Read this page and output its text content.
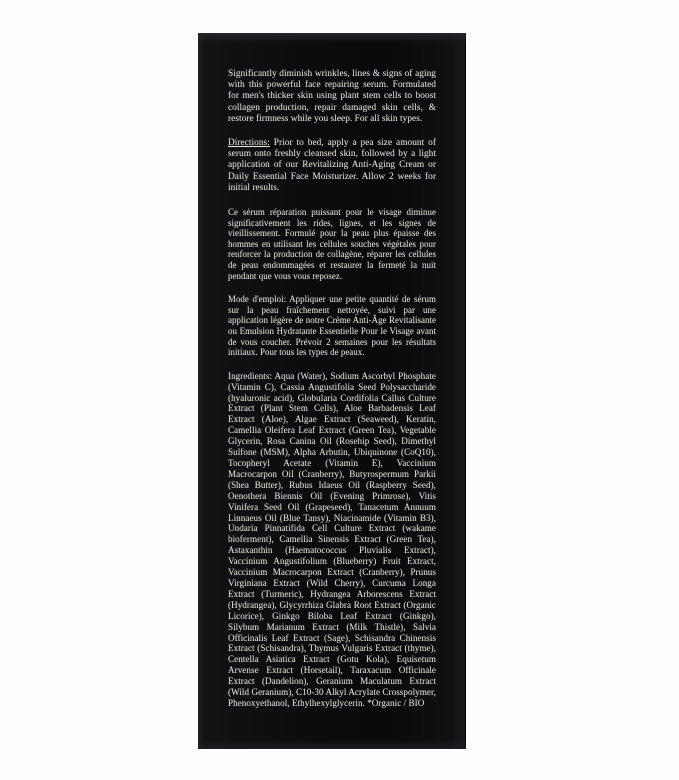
Significantly diminish wrinkles, lines & signs of aging with this powerful face repairing serum. Formulated for men's thicker skin using plant stem cells to boost collagen production, repair damaged skin cells, & restore firmness while you sleep. For all skin types.

Directions: Prior to bed, apply a pea size amount of serum onto freshly cleansed skin, followed by a light application of our Revitalizing Anti-Aging Cream or Daily Essential Face Moisturizer. Allow 2 weeks for initial results.

Ce sérum réparation puissant pour le visage diminue significativement les rides, lignes, et les signes de vieillissement. Formulé pour la peau plus épaisse des hommes en utilisant les cellules souches végétales pour renforcer la production de collagène, réparer les cellules de peau endommagées et restaurer la fermeté la nuit pendant que vous vous reposez.

Mode d'emploi: Appliquer une petite quantité de sérum sur la peau fraîchement nettoyée, suivi par une application légère de notre Crème Anti-Âge Revitalisante ou Emulsion Hydratante Essentielle Pour le Visage avant de vous coucher. Prévoir 2 semaines pour les résultats initiaux. Pour tous les types de peaux.

Ingredients: Aqua (Water), Sodium Ascorbyl Phosphate (Vitamin C), Cassia Angustifolia Seed Polysaccharide (hyaluronic acid), Globularia Cordifolia Callus Culture Extract (Plant Stem Cells), Aloe Barbadensis Leaf Extract (Aloe), Algae Extract (Seaweed), Keratin, Camellia Oleifera Leaf Extract (Green Tea), Vegetable Glycerin, Rosa Canina Oil (Rosehip Seed), Dimethyl Sulfone (MSM), Alpha Arbutin, Ubiquinone (CoQ10), Tocopheryl Acetate (Vitamin E), Vaccinium Macrocarpon Oil (Cranberry), Butyrospermum Parkii (Shea Butter), Rubus Idaeus Oil (Raspberry Seed), Oenothera Biennis Oil (Evening Primrose), Vitis Vinifera Seed Oil (Grapeseed), Tanacetum Annuum Linnaeus Oil (Blue Tansy), Niacinamide (Vitamin B3), Undaria Pinnatifida Cell Culture Extract (wakame bioferment), Camellia Sinensis Extract (Green Tea), Astaxanthin (Haematococcus Pluvialis Extract), Vaccinium Angustifolium (Blueberry) Fruit Extract, Vaccinium Macrocarpon Extract (Cranberry), Prunus Virginiana Extract (Wild Cherry), Curcuma Longa Extract (Turmeric), Hydrangea Arborescens Extract (Hydrangea), Glycyrrhiza Glabra Root Extract (Organic Licorice), Ginkgo Biloba Leaf Extract (Ginkgo), Silybum Marianum Extract (Milk Thistle), Salvia Officinalis Leaf Extract (Sage), Schisandra Chinensis Extract (Schisandra), Thymus Vulgaris Extract (thyme), Centella Asiatica Extract (Gotu Kola), Equisetum Arvense Extract (Horsetail), Taraxacum Officinale Extract (Dandelion), Geranium Maculatum Extract (Wild Geranium), C10-30 Alkyl Acrylate Crosspolymer, Phenoxyethanol, Ethylhexylglycerin. *Organic / BIO
